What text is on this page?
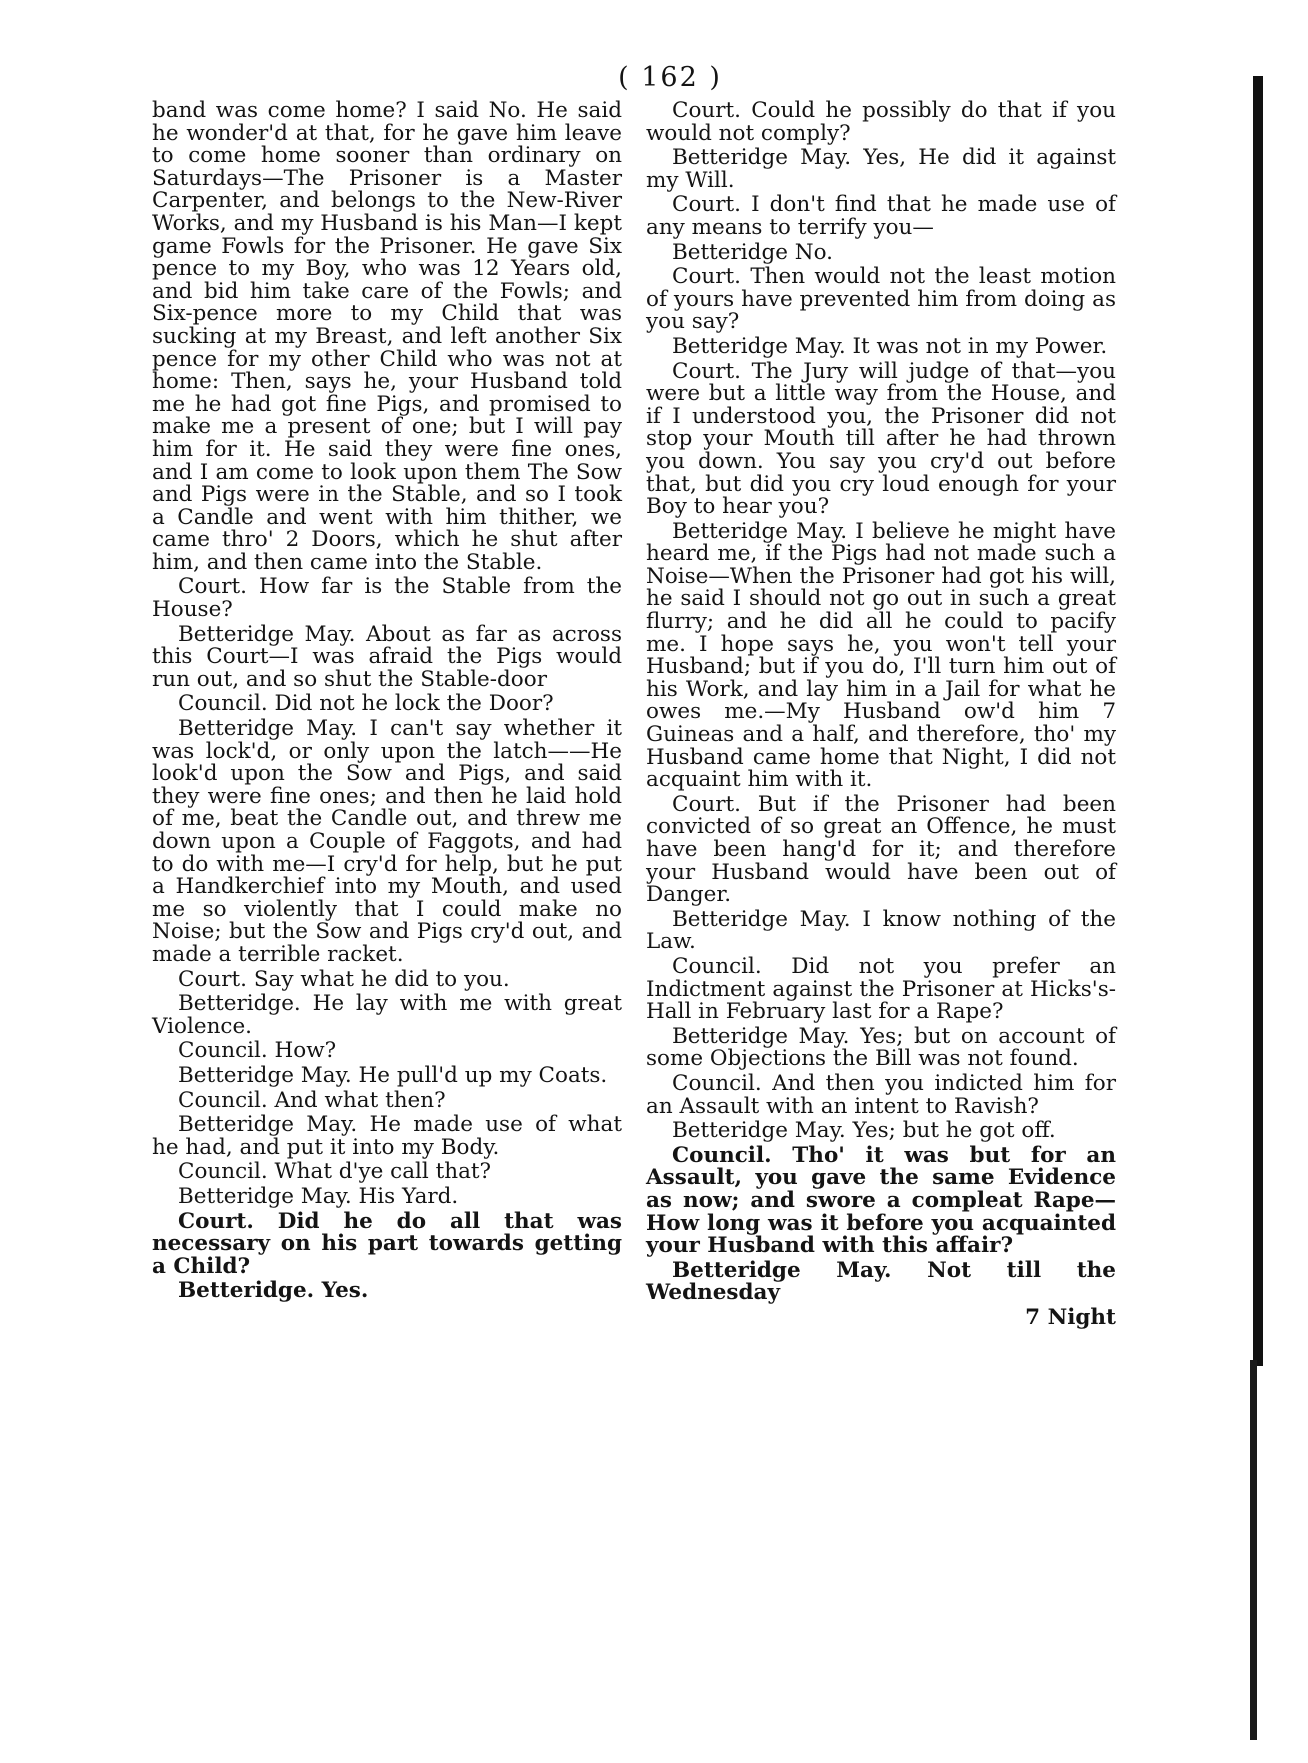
( 162 )

band was come home? I said No. He said he wonder'd at that, for he gave him leave to come home sooner than ordinary on Saturdays—The Prisoner is a Master Carpenter, and belongs to the New-River Works, and my Husband is his Man—I kept game Fowls for the Prisoner. He gave Six pence to my Boy, who was 12 Years old, and bid him take care of the Fowls; and Six-pence more to my Child that was sucking at my Breast, and left another Six pence for my other Child who was not at home: Then, says he, your Husband told me he had got fine Pigs, and promised to make me a present of one; but I will pay him for it. He said they were fine ones, and I am come to look upon them The Sow and Pigs were in the Stable, and so I took a Candle and went with him thither, we came thro' 2 Doors, which he shut after him, and then came into the Stable.

Court. How far is the Stable from the House?

Betteridge May. About as far as across this Court—I was afraid the Pigs would run out, and so shut the Stable-door

Council. Did not he lock the Door?

Betteridge May. I can't say whether it was lock'd, or only upon the latch——He look'd upon the Sow and Pigs, and said they were fine ones; and then he laid hold of me, beat the Candle out, and threw me down upon a Couple of Faggots, and had to do with me—I cry'd for help, but he put a Handkerchief into my Mouth, and used me so violently that I could make no Noise; but the Sow and Pigs cry'd out, and made a terrible racket.

Court. Say what he did to you.

Betteridge. He lay with me with great Violence.

Council. How?

Betteridge May. He pull'd up my Coats.

Council. And what then?

Betteridge May. He made use of what he had, and put it into my Body.

Council. What d'ye call that?

Betteridge May. His Yard.

Court. Did he do all that was necessary on his part towards getting a Child?

Betteridge. Yes.

Court. Could he possibly do that if you would not comply?

Betteridge May. Yes, He did it against my Will.

Court. I don't find that he made use of any means to terrify you—

Betteridge No.

Court. Then would not the least motion of yours have prevented him from doing as you say?

Betteridge May. It was not in my Power.

Court. The Jury will judge of that—you were but a little way from the House, and if I understood you, the Prisoner did not stop your Mouth till after he had thrown you down. You say you cry'd out before that, but did you cry loud enough for your Boy to hear you?

Betteridge May. I believe he might have heard me, if the Pigs had not made such a Noise—When the Prisoner had got his will, he said I should not go out in such a great flurry; and he did all he could to pacify me. I hope says he, you won't tell your Husband; but if you do, I'll turn him out of his Work, and lay him in a Jail for what he owes me.—My Husband ow'd him 7 Guineas and a half, and therefore, tho' my Husband came home that Night, I did not acquaint him with it.

Court. But if the Prisoner had been convicted of so great an Offence, he must have been hang'd for it; and therefore your Husband would have been out of Danger.

Betteridge May. I know nothing of the Law.

Council. Did not you prefer an Indictment against the Prisoner at Hicks's-Hall in February last for a Rape?

Betteridge May. Yes; but on account of some Objections the Bill was not found.

Council. And then you indicted him for an Assault with an intent to Ravish?

Betteridge May. Yes; but he got off.

Council. Tho' it was but for an Assault, you gave the same Evidence as now; and swore a compleat Rape—How long was it before you acquainted your Husband with this affair?

Betteridge May. Not till the Wednesday

7 Night
